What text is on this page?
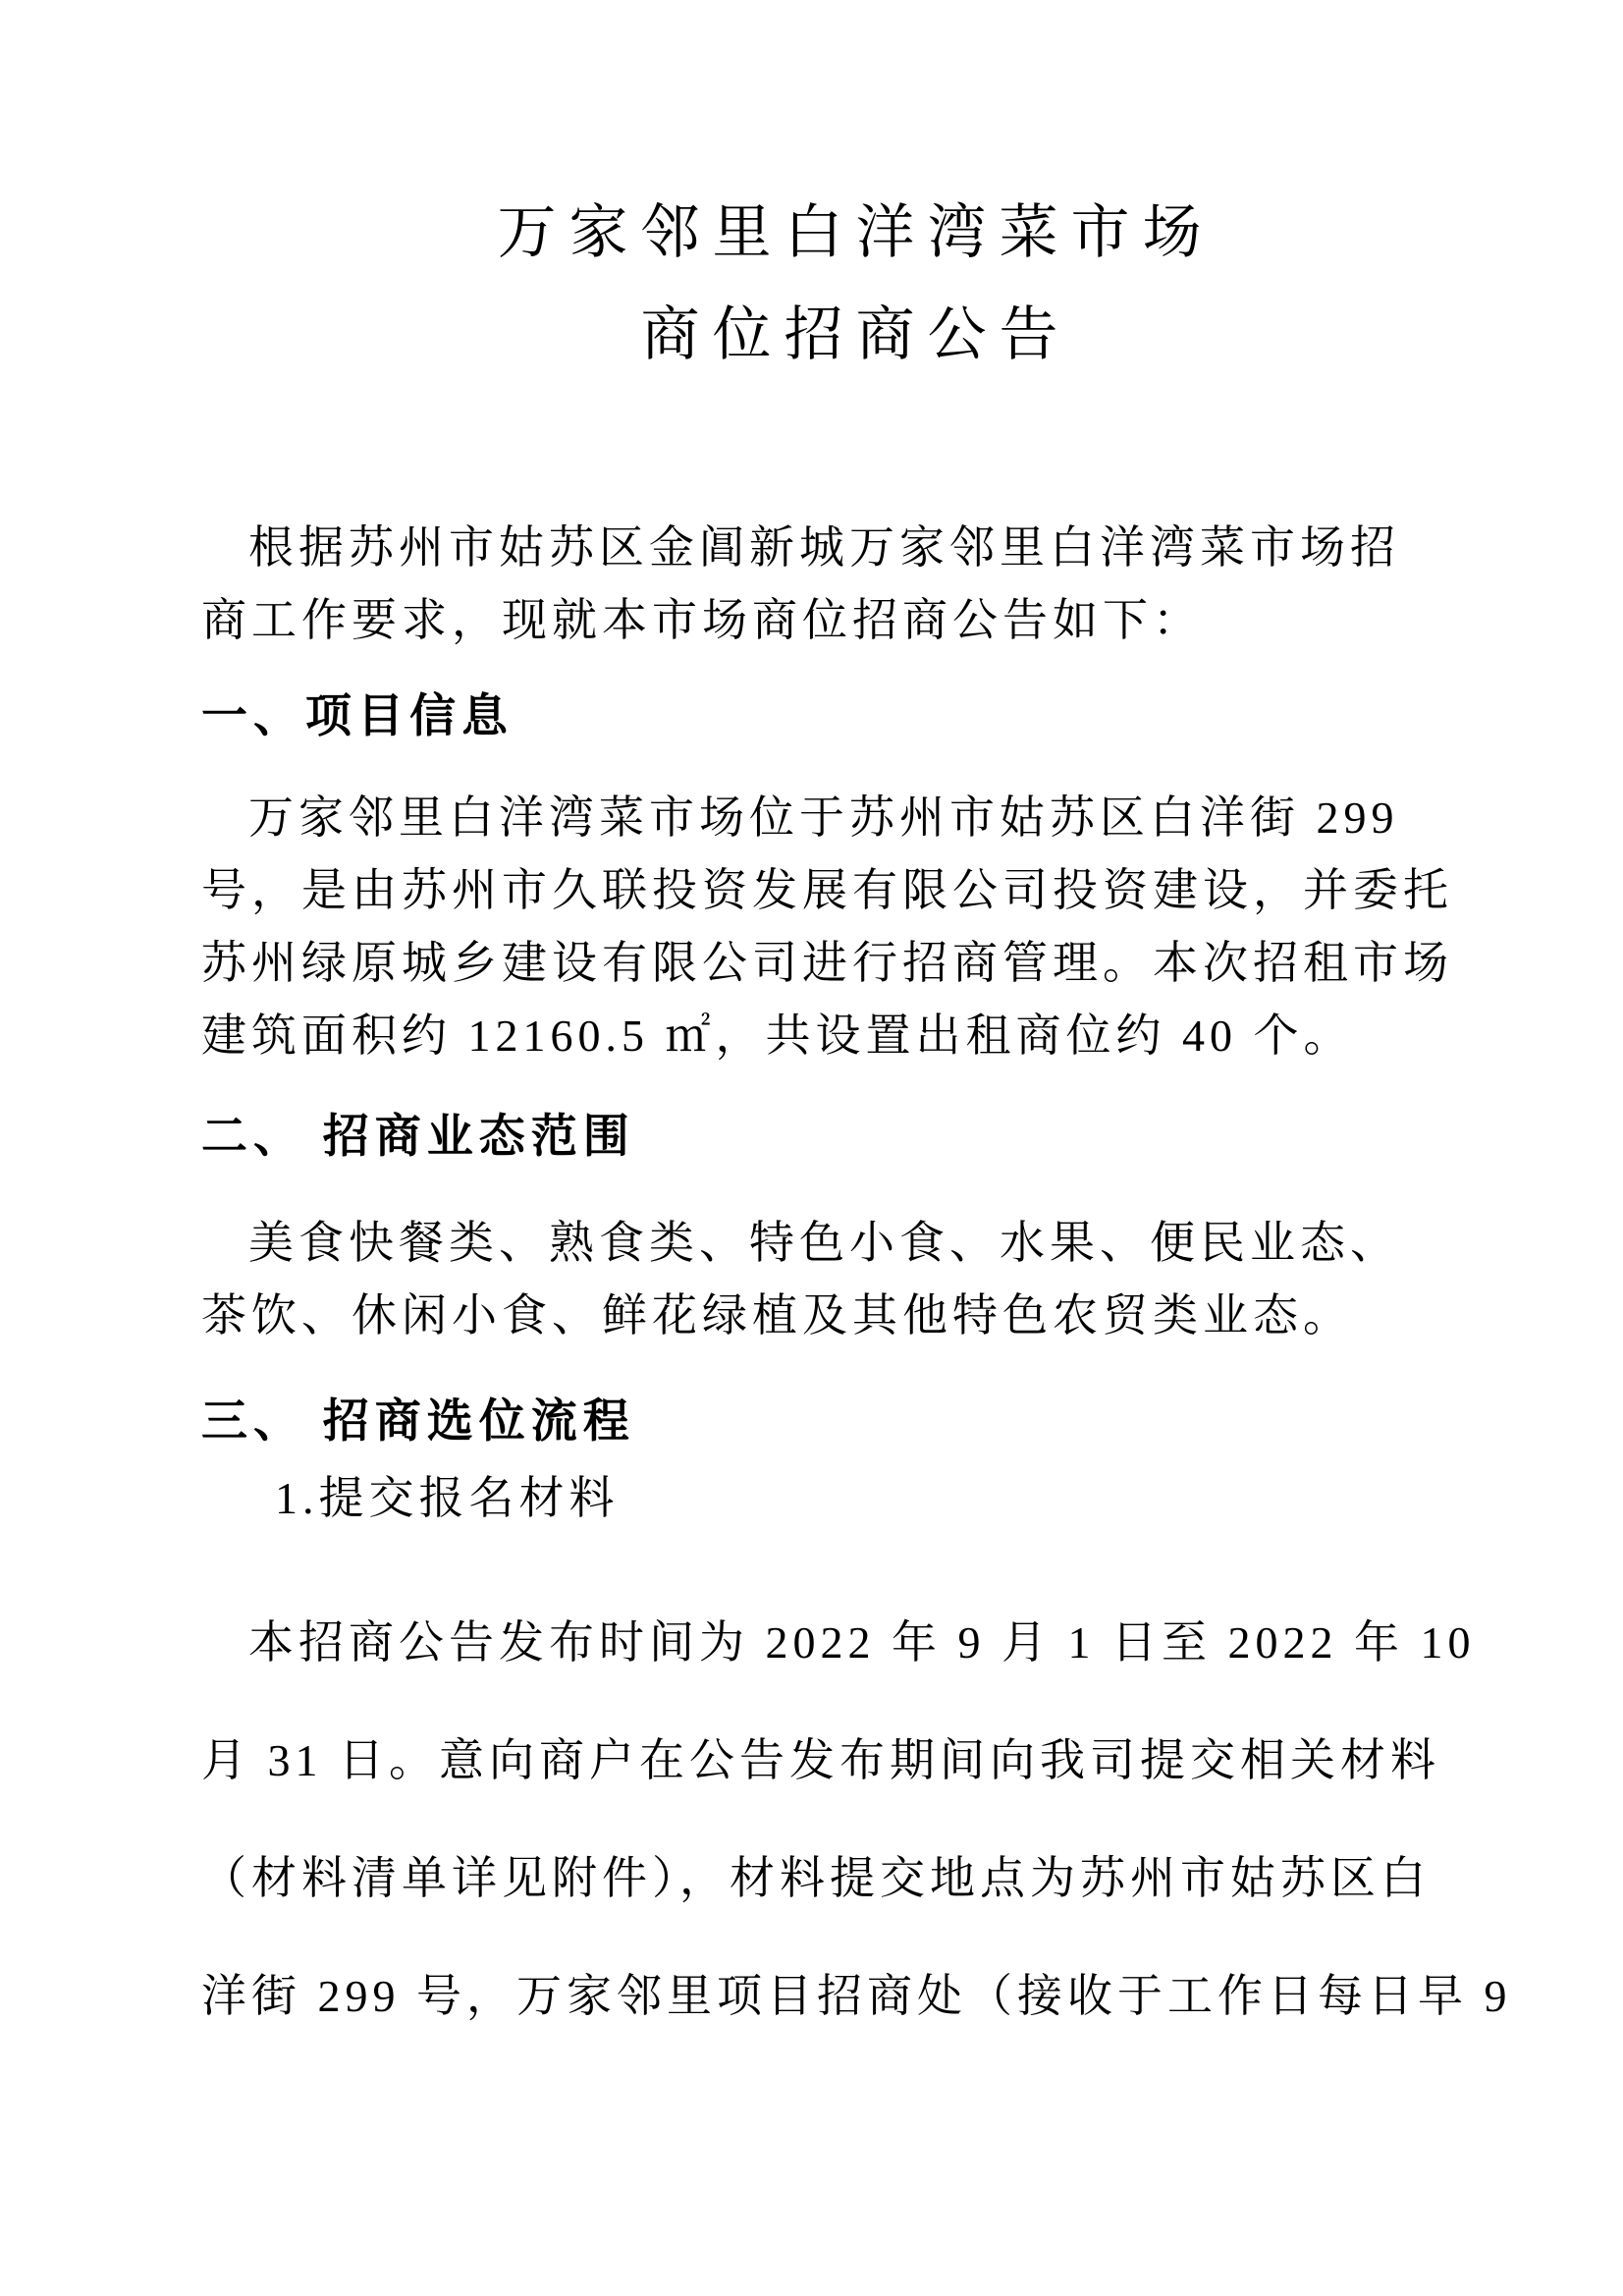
万家邻里白洋湾菜市场
商位招商公告

根据苏州市姑苏区金阊新城万家邻里白洋湾菜市场招
商工作要求，现就本市场商位招商公告如下：

一、项目信息

万家邻里白洋湾菜市场位于苏州市姑苏区白洋街 299
号，是由苏州市久联投资发展有限公司投资建设，并委托
苏州绿原城乡建设有限公司进行招商管理。本次招租市场
建筑面积约 12160.5 ㎡，共设置出租商位约 40 个。

二、 招商业态范围

美食快餐类、熟食类、特色小食、水果、便民业态、
茶饮、休闲小食、鲜花绿植及其他特色农贸类业态。

三、 招商选位流程

1.提交报名材料

本招商公告发布时间为 2022 年 9 月 1 日至 2022 年 10
月 31 日。意向商户在公告发布期间向我司提交相关材料
（材料清单详见附件），材料提交地点为苏州市姑苏区白
洋街 299 号，万家邻里项目招商处（接收于工作日每日早 9
